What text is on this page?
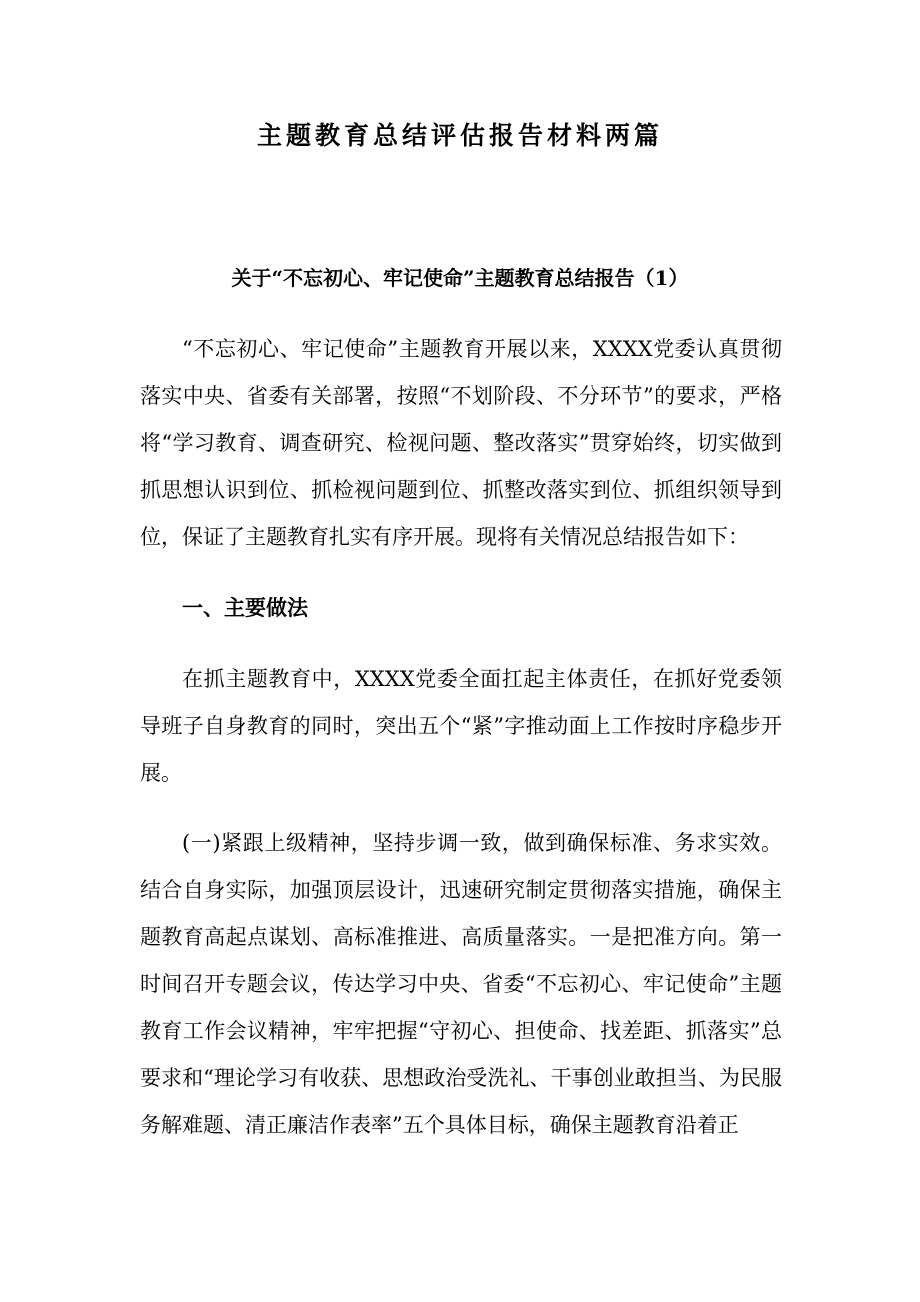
主题教育总结评估报告材料两篇
关于“不忘初心、牢记使命”主题教育总结报告（1）

“不忘初心、牢记使命”主题教育开展以来，XXXX党委认真贯彻落实中央、省委有关部署，按照“不划阶段、不分环节”的要求，严格将“学习教育、调查研究、检视问题、整改落实”贯穿始终，切实做到抓思想认识到位、抓检视问题到位、抓整改落实到位、抓组织领导到位，保证了主题教育扎实有序开展。现将有关情况总结报告如下：

一、主要做法

在抓主题教育中，XXXX党委全面扛起主体责任，在抓好党委领导班子自身教育的同时，突出五个“紧”字推动面上工作按时序稳步开展。

(一)紧跟上级精神，坚持步调一致，做到确保标准、务求实效。结合自身实际，加强顶层设计，迅速研究制定贯彻落实措施，确保主题教育高起点谋划、高标准推进、高质量落实。一是把准方向。第一时间召开专题会议，传达学习中央、省委“不忘初心、牢记使命”主题教育工作会议精神，牢牢把握“守初心、担使命、找差距、抓落实”总要求和“理论学习有收获、思想政治受洗礼、干事创业敢担当、为民服务解难题、清正廉洁作表率”五个具体目标，确保主题教育沿着正
